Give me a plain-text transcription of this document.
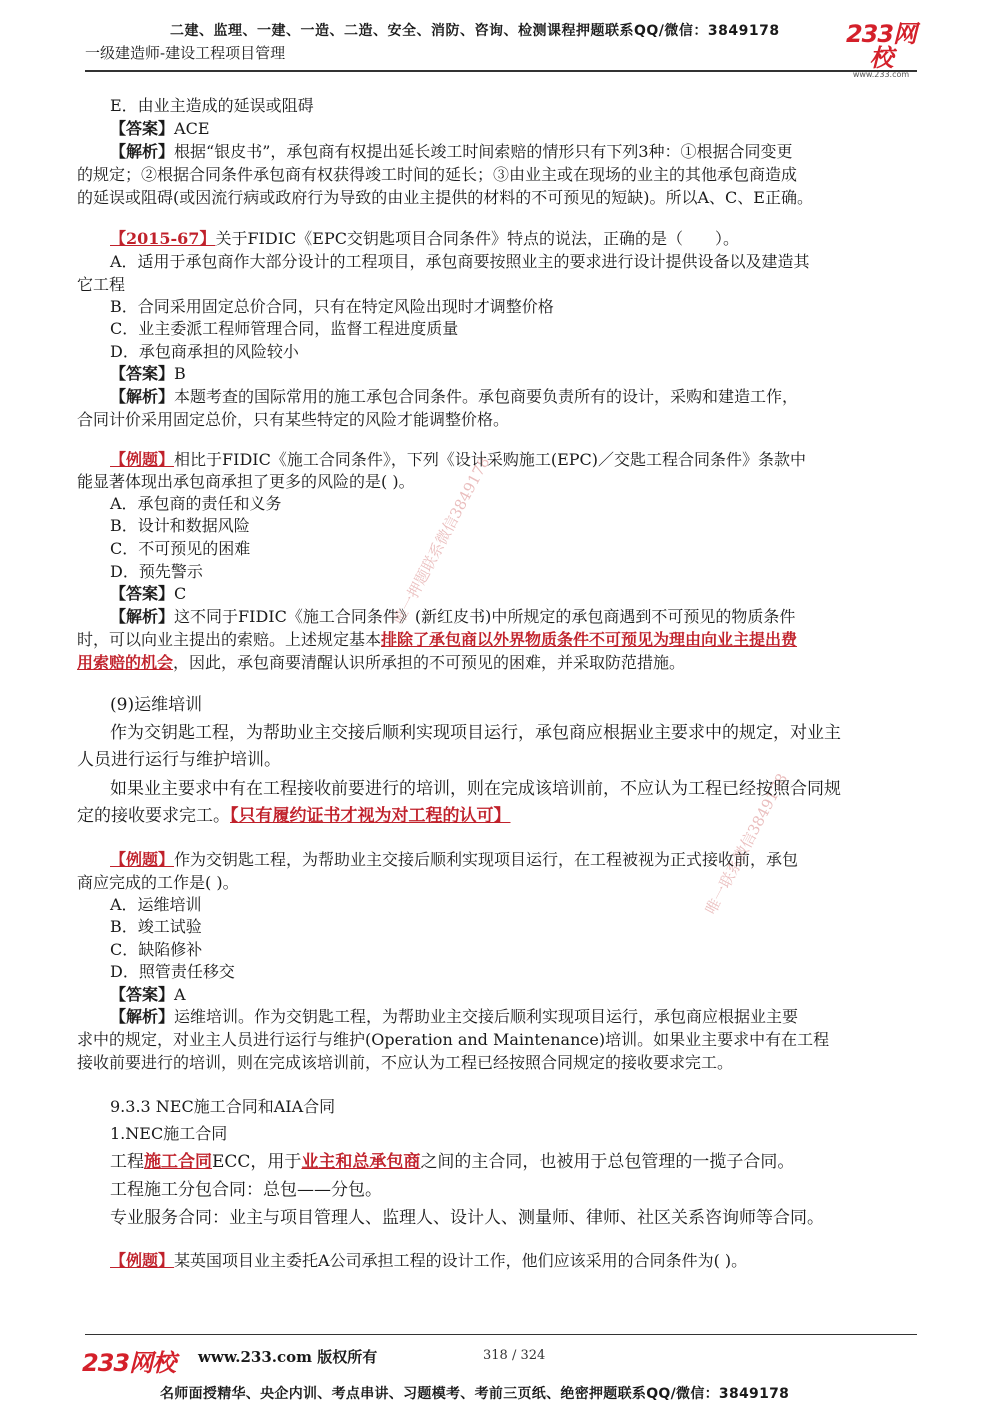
二建、监理、一建、一造、二造、安全、消防、咨询、检测课程押题联系QQ/微信：3849178
一级建造师-建设工程项目管理
233网校
www.233.com
唯一押题联系微信3849178
唯一联系微信3849178
E．由业主造成的延误或阻碍
【答案】ACE
【解析】根据“银皮书”，承包商有权提出延长竣工时间索赔的情形只有下列3种：①根据合同变更
的规定；②根据合同条件承包商有权获得竣工时间的延长；③由业主或在现场的业主的其他承包商造成
的延误或阻碍(或因流行病或政府行为导致的由业主提供的材料的不可预见的短缺)。所以A、C、E正确。
【2015-67】关于FIDIC《EPC交钥匙项目合同条件》特点的说法，正确的是（　　）。
A．适用于承包商作大部分设计的工程项目，承包商要按照业主的要求进行设计提供设备以及建造其
它工程
B．合同采用固定总价合同，只有在特定风险出现时才调整价格
C．业主委派工程师管理合同，监督工程进度质量
D．承包商承担的风险较小
【答案】B
【解析】本题考查的国际常用的施工承包合同条件。承包商要负责所有的设计，采购和建造工作，
合同计价采用固定总价，只有某些特定的风险才能调整价格。
【例题】相比于FIDIC《施工合同条件》，下列《设计采购施工(EPC)／交匙工程合同条件》条款中
能显著体现出承包商承担了更多的风险的是( )。
A．承包商的责任和义务
B．设计和数据风险
C．不可预见的困难
D．预先警示
【答案】C
【解析】这不同于FIDIC《施工合同条件》(新红皮书)中所规定的承包商遇到不可预见的物质条件
时，可以向业主提出的索赔。上述规定基本排除了承包商以外界物质条件不可预见为理由向业主提出费
用索赔的机会，因此，承包商要清醒认识所承担的不可预见的困难，并采取防范措施。
(9)运维培训
作为交钥匙工程，为帮助业主交接后顺利实现项目运行，承包商应根据业主要求中的规定，对业主
人员进行运行与维护培训。
如果业主要求中有在工程接收前要进行的培训，则在完成该培训前，不应认为工程已经按照合同规
定的接收要求完工。【只有履约证书才视为对工程的认可】
【例题】作为交钥匙工程，为帮助业主交接后顺利实现项目运行，在工程被视为正式接收前，承包
商应完成的工作是( )。
A．运维培训
B．竣工试验
C．缺陷修补
D．照管责任移交
【答案】A
【解析】运维培训。作为交钥匙工程，为帮助业主交接后顺利实现项目运行，承包商应根据业主要
求中的规定，对业主人员进行运行与维护(Operation and Maintenance)培训。如果业主要求中有在工程
接收前要进行的培训，则在完成该培训前，不应认为工程已经按照合同规定的接收要求完工。
9.3.3 NEC施工合同和AIA合同
1.NEC施工合同
工程施工合同ECC，用于业主和总承包商之间的主合同，也被用于总包管理的一揽子合同。
工程施工分包合同：总包——分包。
专业服务合同：业主与项目管理人、监理人、设计人、测量师、律师、社区关系咨询师等合同。
【例题】某英国项目业主委托A公司承担工程的设计工作，他们应该采用的合同条件为( )。
233网校 www.233.com 版权所有	318 / 324
名师面授精华、央企内训、考点串讲、习题模考、考前三页纸、绝密押题联系QQ/微信：3849178
